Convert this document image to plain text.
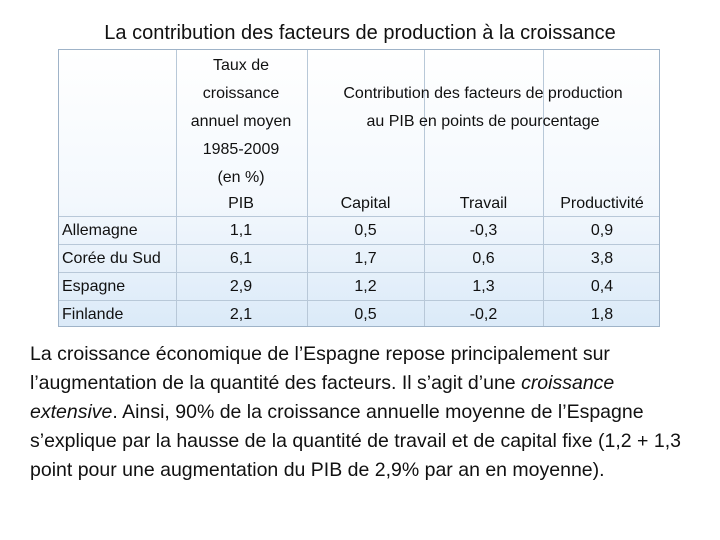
La contribution des facteurs de production à la croissance
Taux de
croissance
annuel moyen
1985-2009
(en %)
Contribution des facteurs de production
au PIB en points de pourcentage
PIB	Capital	Travail	Productivité
Allemagne	1,1	0,5	-0,3	0,9
Corée du Sud	6,1	1,7	0,6	3,8
Espagne	2,9	1,2	1,3	0,4
Finlande	2,1	0,5	-0,2	1,8
La croissance économique de l’Espagne repose principalement sur l’augmentation de la quantité des facteurs. Il s’agit d’une croissance extensive. Ainsi, 90% de la croissance annuelle moyenne de l’Espagne s’explique par la hausse de la quantité de travail et de capital fixe (1,2 + 1,3 point pour une augmentation du PIB de 2,9% par an en moyenne).
